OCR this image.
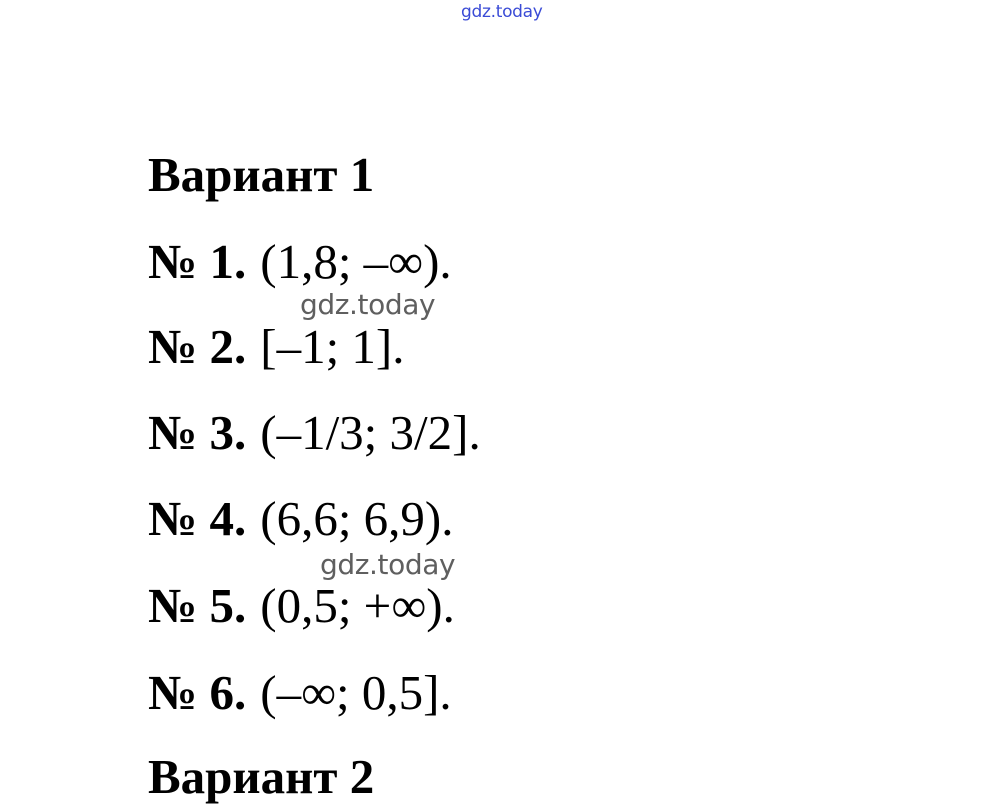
gdz.today
Вариант 1
№ 1. (1,8; –∞).
gdz.today
№ 2. [–1; 1].
№ 3. (–1/3; 3/2].
№ 4. (6,6; 6,9).
gdz.today
№ 5. (0,5; +∞).
№ 6. (–∞; 0,5].
Вариант 2
